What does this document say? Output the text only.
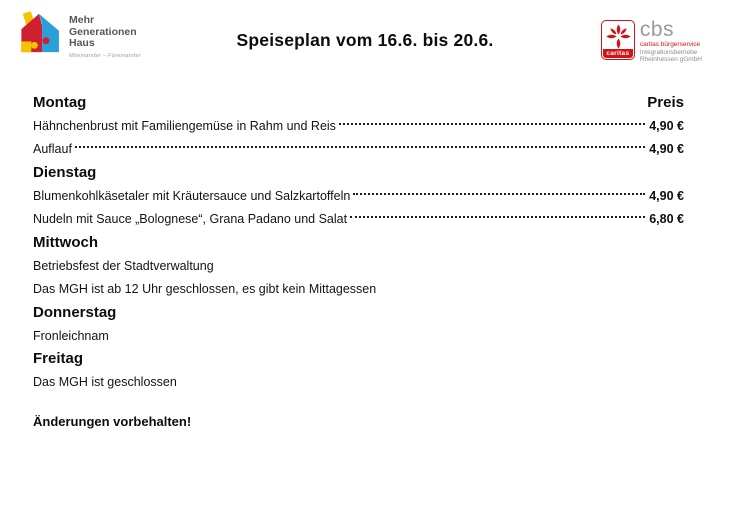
Mehr
Generationen
Haus
Miteinander – Füreinander
Speiseplan vom 16.6. bis 20.6.
caritas
cbs
caritas bürgerservice
Integrationsbetriebe
Rheinhessen gGmbH
Montag	Preis
Hähnchenbrust mit Familiengemüse in Rahm und Reis	4,90 €
Auflauf	4,90 €
Dienstag
Blumenkohlkäsetaler mit Kräutersauce und Salzkartoffeln	4,90 €
Nudeln mit Sauce „Bolognese“, Grana Padano und Salat	6,80 €
Mittwoch
Betriebsfest der Stadtverwaltung
Das MGH ist ab 12 Uhr geschlossen, es gibt kein Mittagessen
Donnerstag
Fronleichnam
Freitag
Das MGH ist geschlossen
Änderungen vorbehalten!
